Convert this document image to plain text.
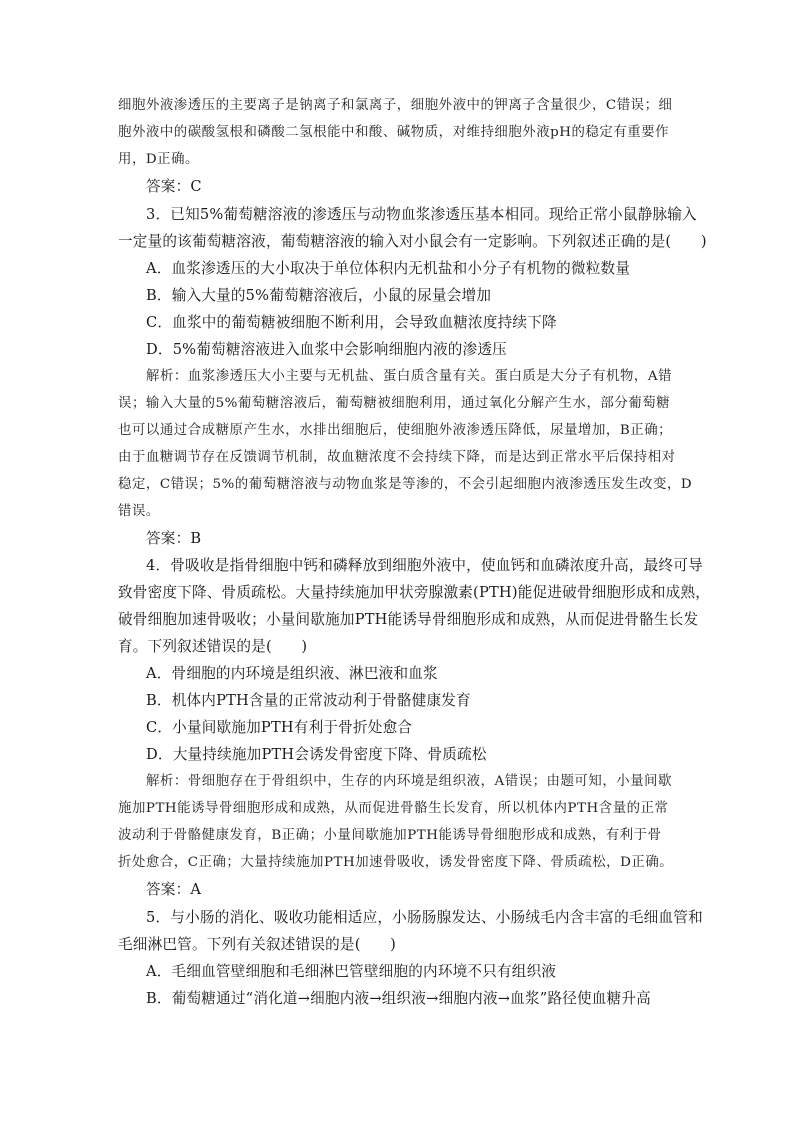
细胞外液渗透压的主要离子是钠离子和氯离子，细胞外液中的钾离子含量很少，C错误；细
胞外液中的碳酸氢根和磷酸二氢根能中和酸、碱物质，对维持细胞外液pH的稳定有重要作
用，D正确。
答案：C
3．已知5%葡萄糖溶液的渗透压与动物血浆渗透压基本相同。现给正常小鼠静脉输入
一定量的该葡萄糖溶液，葡萄糖溶液的输入对小鼠会有一定影响。下列叙述正确的是(　　)
A．血浆渗透压的大小取决于单位体积内无机盐和小分子有机物的微粒数量
B．输入大量的5%葡萄糖溶液后，小鼠的尿量会增加
C．血浆中的葡萄糖被细胞不断利用，会导致血糖浓度持续下降
D．5%葡萄糖溶液进入血浆中会影响细胞内液的渗透压
解析：血浆渗透压大小主要与无机盐、蛋白质含量有关。蛋白质是大分子有机物，A错
误；输入大量的5%葡萄糖溶液后，葡萄糖被细胞利用，通过氧化分解产生水，部分葡萄糖
也可以通过合成糖原产生水，水排出细胞后，使细胞外液渗透压降低，尿量增加，B正确；
由于血糖调节存在反馈调节机制，故血糖浓度不会持续下降，而是达到正常水平后保持相对
稳定，C错误；5%的葡萄糖溶液与动物血浆是等渗的，不会引起细胞内液渗透压发生改变，D
错误。
答案：B
4．骨吸收是指骨细胞中钙和磷释放到细胞外液中，使血钙和血磷浓度升高，最终可导
致骨密度下降、骨质疏松。大量持续施加甲状旁腺激素(PTH)能促进破骨细胞形成和成熟，
破骨细胞加速骨吸收；小量间歇施加PTH能诱导骨细胞形成和成熟，从而促进骨骼生长发
育。下列叙述错误的是(　　)
A．骨细胞的内环境是组织液、淋巴液和血浆
B．机体内PTH含量的正常波动利于骨骼健康发育
C．小量间歇施加PTH有利于骨折处愈合
D．大量持续施加PTH会诱发骨密度下降、骨质疏松
解析：骨细胞存在于骨组织中，生存的内环境是组织液，A错误；由题可知，小量间歇
施加PTH能诱导骨细胞形成和成熟，从而促进骨骼生长发育，所以机体内PTH含量的正常
波动利于骨骼健康发育，B正确；小量间歇施加PTH能诱导骨细胞形成和成熟，有利于骨
折处愈合，C正确；大量持续施加PTH加速骨吸收，诱发骨密度下降、骨质疏松，D正确。
答案：A
5．与小肠的消化、吸收功能相适应，小肠肠腺发达、小肠绒毛内含丰富的毛细血管和
毛细淋巴管。下列有关叙述错误的是(　　)
A．毛细血管壁细胞和毛细淋巴管壁细胞的内环境不只有组织液
B．葡萄糖通过“消化道→细胞内液→组织液→细胞内液→血浆”路径使血糖升高
